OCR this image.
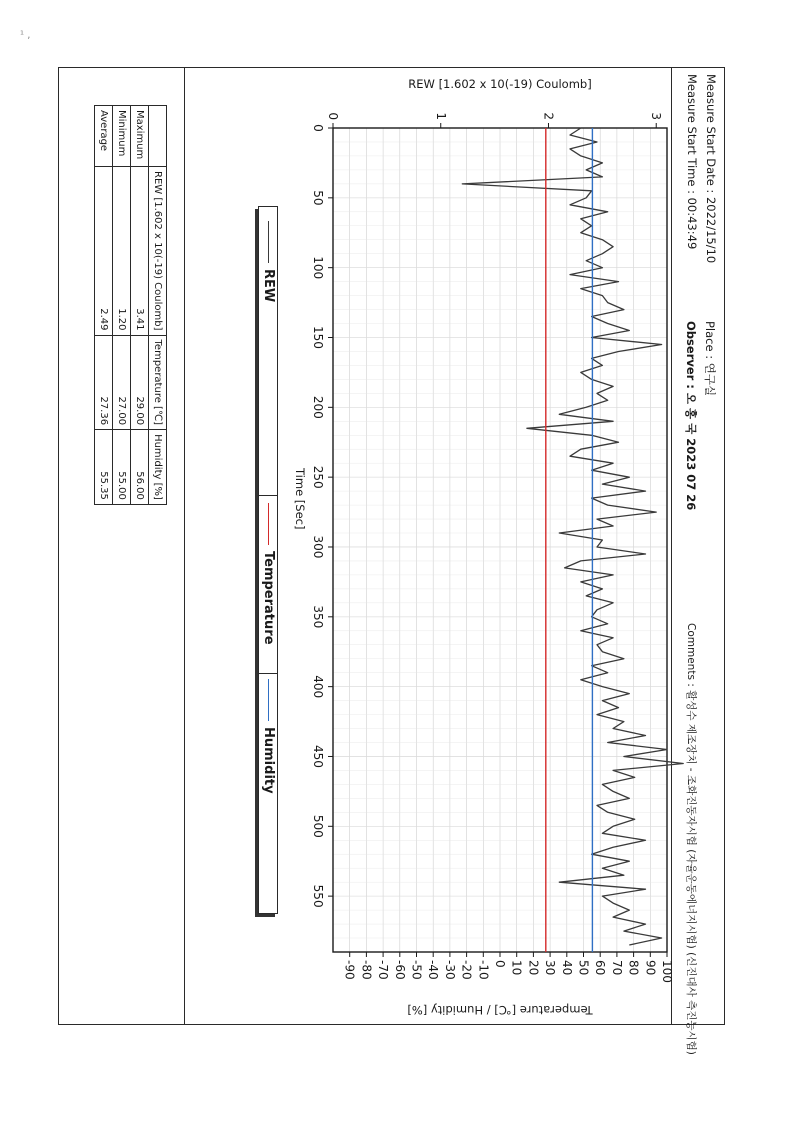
¹ ,
Measure Start Date : 2022/15/10
Measure Start Time : 00:43:49
Place : 연구실
Observer : 오 홍 국 2023 07 26
Comments : 활성수 제조장치 - 조화진동자시험 (자율운동에너지시험) (신진대사 측진능시험)
0
50
100
150
200
250
300
350
400
450
500
550
0	1	2	3
-90 -80 -70 -60 -50 -40 -30 -20 -10 0 10 20 30 40 50 60 70 80 90 100
Time [Sec]
REW [1.602 x 10(-19) Coulomb]
Temperature [℃] / Humidity [%]
REW
Temperature
Humidity
	REW [1.602 x 10(-19) Coulomb]	Temperature [℃]	Humidity [%]
Maximum	3.41	29.00	56.00
Minimum	1.20	27.00	55.00
Average	2.49	27.36	55.35
